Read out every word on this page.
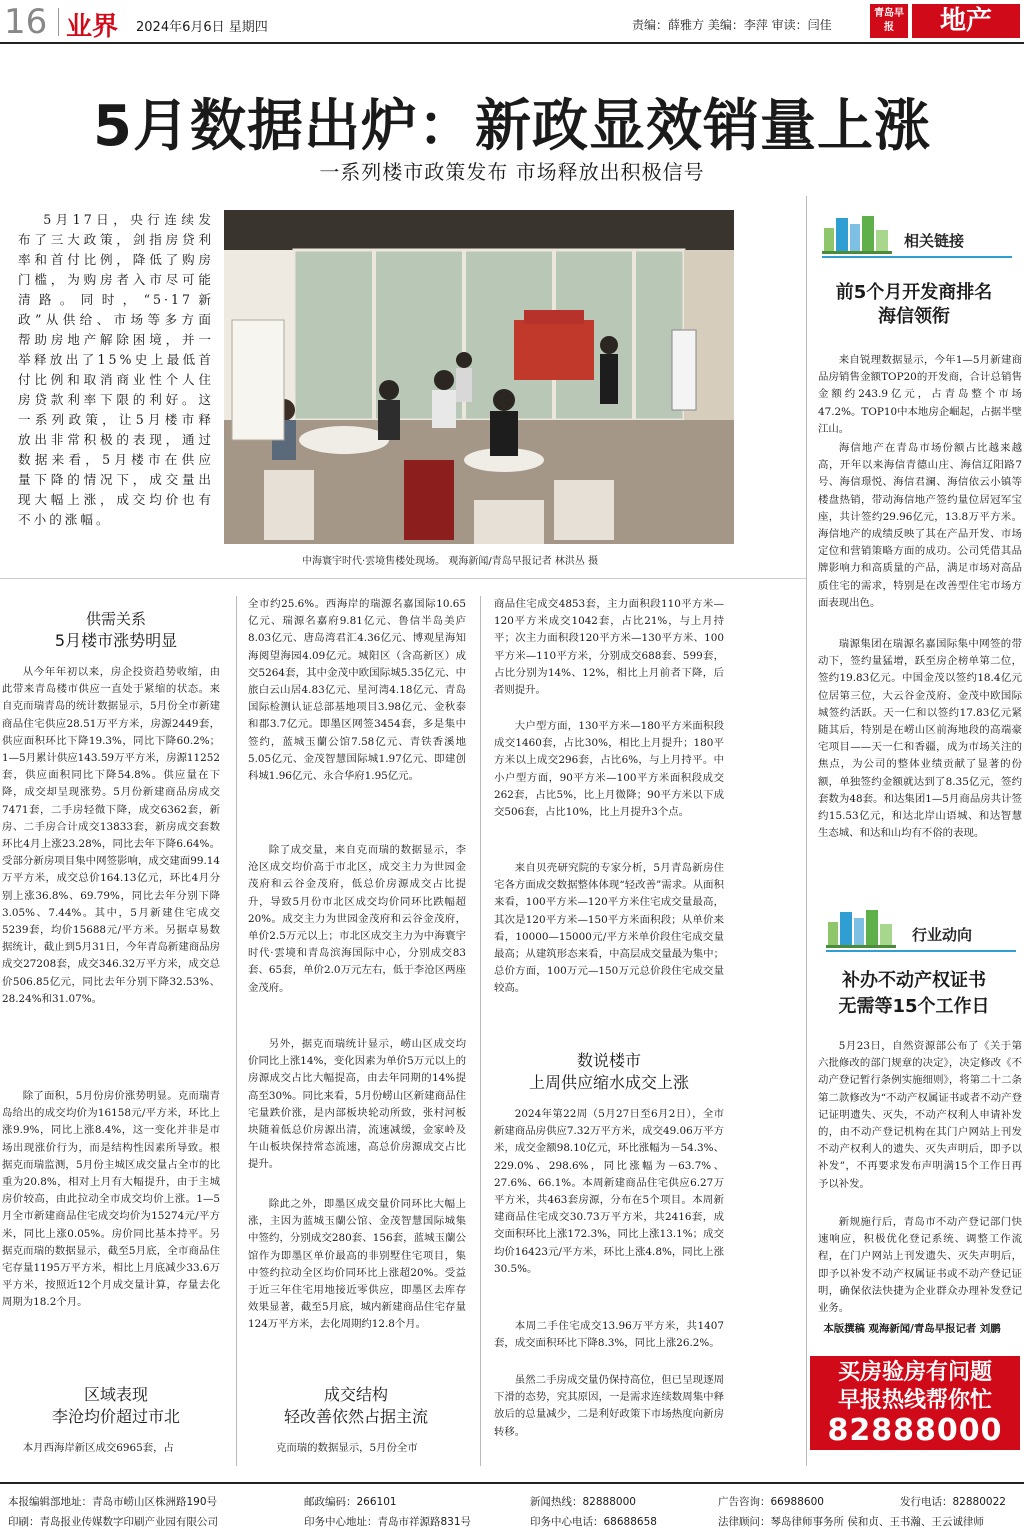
16 业界 2024年6月6日 星期四	责编：薛雅方 美编：李萍 审读：闫佳
青岛早报	地产
5月数据出炉：新政显效销量上涨
一系列楼市政策发布 市场释放出积极信号
5月17日，央行连续发布了三大政策，剑指房贷利率和首付比例，降低了购房门槛，为购房者入市尽可能清路。同时，“5·17新政”从供给、市场等多方面帮助房地产解除困境，并一举释放出了15%史上最低首付比例和取消商业性个人住房贷款利率下限的利好。这一系列政策，让5月楼市释放出非常积极的表现，通过数据来看，5月楼市在供应量下降的情况下，成交量出现大幅上涨，成交均价也有不小的涨幅。
中海寰宇时代·雲境售楼处现场。 观海新闻/青岛早报记者 林洪丛 摄
供需关系
5月楼市涨势明显
从今年年初以来，房企投资趋势收缩，由此带来青岛楼市供应一直处于紧缩的状态。来自克而瑞青岛的统计数据显示，5月份全市新建商品住宅供应28.51万平方米，房源2449套，供应面积环比下降19.3%，同比下降60.2%；1—5月累计供应143.59万平方米，房源11252套，供应面积同比下降54.8%。供应量在下降，成交却呈现涨势。5月份新建商品房成交7471套，二手房轻微下降，成交6362套，新房、二手房合计成交13833套，新房成交套数环比4月上涨23.28%，同比去年下降6.64%。受部分新房项目集中网签影响，成交建面99.14万平方米，成交总价164.13亿元，环比4月分别上涨36.8%、69.79%，同比去年分别下降3.05%、7.44%。其中，5月新建住宅成交5239套，均价15688元/平方米。另据卓易数据统计，截止到5月31日，今年青岛新建商品房成交27208套，成交346.32万平方米，成交总价506.85亿元，同比去年分别下降32.53%、28.24%和31.07%。
除了面积，5月份房价涨势明显。克而瑞青岛给出的成交均价为16158元/平方米，环比上涨9.9%，同比上涨8.4%，这一变化并非是市场出现涨价行为，而是结构性因素所导致。根据克而瑞监测，5月份主城区成交量占全市的比重为20.8%，相对上月有大幅提升，由于主城房价较高，由此拉动全市成交均价上涨。1—5月全市新建商品住宅成交均价为15274元/平方米，同比上涨0.05%。房价同比基本持平。另据克而瑞的数据显示，截至5月底，全市商品住宅存量1195万平方米，相比上月底减少33.6万平方米，按照近12个月成交量计算，存量去化周期为18.2个月。
区域表现
李沧均价超过市北
本月西海岸新区成交6965套，占
全市约25.6%。西海岸的瑞源名嘉国际10.65亿元、瑞源名嘉府9.81亿元、鲁信半岛美庐8.03亿元、唐岛湾君汇4.36亿元、博观星海知海阅望海园4.09亿元。城阳区（含高新区）成交5264套，其中金茂中欧国际城5.35亿元、中旅白云山居4.83亿元、星河湾4.18亿元、青岛国际检测认证总部基地项目3.98亿元、金秋泰和郡3.7亿元。即墨区网签3454套，多是集中签约，蓝城玉蘭公馆7.58亿元、青铁香溪地5.05亿元、金茂智慧国际城1.97亿元、即建创科城1.96亿元、永合华府1.95亿元。
除了成交量，来自克而瑞的数据显示，李沧区成交均价高于市北区，成交主力为世园金茂府和云谷金茂府，低总价房源成交占比提升，导致5月份市北区成交均价同环比跌幅超20%。成交主力为世园金茂府和云谷金茂府，单价2.5万元以上；市北区成交主力为中海寰宇时代·雲境和青岛滨海国际中心，分别成交83套、65套，单价2.0万元左右，低于李沧区两座金茂府。
另外，据克而瑞统计显示，崂山区成交均价同比上涨14%，变化因素为单价5万元以上的房源成交占比大幅提高，由去年同期的14%提高至30%。同比来看，5月份崂山区新建商品住宅量跌价涨，是内部板块轮动所致，张村河板块随着低总价房源出清，流速减缓，金家岭及午山板块保持常态流速，高总价房源成交占比提升。
除此之外，即墨区成交量价同环比大幅上涨，主因为蓝城玉蘭公馆、金茂智慧国际城集中签约，分别成交280套、156套，蓝城玉蘭公馆作为即墨区单价最高的非别墅住宅项目，集中签约拉动全区均价同环比上涨超20%。受益于近三年住宅用地接近零供应，即墨区去库存效果显著，截至5月底，城内新建商品住宅存量124万平方米，去化周期约12.8个月。
成交结构
轻改善依然占据主流
克而瑞的数据显示，5月份全市
商品住宅成交4853套，主力面积段110平方米—120平方米成交1042套，占比21%，与上月持平；次主力面积段120平方米—130平方米、100平方米—110平方米，分别成交688套、599套，占比分别为14%、12%，相比上月前者下降，后者则提升。
大户型方面，130平方米—180平方米面积段成交1460套，占比30%，相比上月提升；180平方米以上成交296套，占比6%，与上月持平。中小户型方面，90平方米—100平方米面积段成交262套，占比5%，比上月微降；90平方米以下成交506套，占比10%，比上月提升3个点。
来自贝壳研究院的专家分析，5月青岛新房住宅各方面成交数据整体体现“轻改善”需求。从面积来看，100平方米—120平方米住宅成交量最高，其次是120平方米—150平方米面积段；从单价来看，10000—15000元/平方米单价段住宅成交量最高；从建筑形态来看，中高层成交量最为集中；总价方面，100万元—150万元总价段住宅成交量较高。
数说楼市
上周供应缩水成交上涨
2024年第22周（5月27日至6月2日），全市新建商品房供应7.32万平方米，成交49.06万平方米，成交金额98.10亿元，环比涨幅为－54.3%、229.0%、298.6%，同比涨幅为－63.7%、27.6%、66.1%。本周新建商品住宅供应6.27万平方米，共463套房源，分布在5个项目。本周新建商品住宅成交30.73万平方米，共2416套，成交面积环比上涨172.3%，同比上涨13.1%；成交均价16423元/平方米，环比上涨4.8%，同比上涨30.5%。
本周二手住宅成交13.96万平方米，共1407套，成交面积环比下降8.3%，同比上涨26.2%。
虽然二手房成交量仍保持高位，但已呈现逐周下滑的态势，究其原因，一是需求连续数周集中释放后的总量减少，二是利好政策下市场热度向新房转移。
相关链接
前5个月开发商排名
海信领衔
来自锐理数据显示，今年1—5月新建商品房销售金额TOP20的开发商，合计总销售金额约243.9亿元，占青岛整个市场47.2%。TOP10中本地房企崛起，占据半壁江山。
海信地产在青岛市场份额占比越来越高，开年以来海信青德山庄、海信辽阳路7号、海信璟悦、海信君澜、海信依云小镇等楼盘热销，带动海信地产签约量位居冠军宝座，共计签约29.96亿元，13.8万平方米。海信地产的成绩反映了其在产品开发、市场定位和营销策略方面的成功。公司凭借其品牌影响力和高质量的产品，满足市场对高品质住宅的需求，特别是在改善型住宅市场方面表现出色。
瑞源集团在瑞源名嘉国际集中网签的带动下，签约量猛增，跃至房企榜单第二位，签约19.83亿元。中国金茂以签约18.4亿元位居第三位，大云谷金茂府、金茂中欧国际城签约活跃。天一仁和以签约17.83亿元紧随其后，特别是在崂山区前海地段的高端豪宅项目——天一仁和香疆，成为市场关注的焦点，为公司的整体业绩贡献了显著的份额，单独签约金额就达到了8.35亿元，签约套数为48套。和达集团1—5月商品房共计签约15.53亿元，和达北岸山语城、和达智慧生态城、和达和山均有不俗的表现。
行业动向
补办不动产权证书
无需等15个工作日
5月23日，自然资源部公布了《关于第六批修改的部门规章的决定》，决定修改《不动产登记暂行条例实施细则》，将第二十二条第二款修改为“不动产权属证书或者不动产登记证明遗失、灭失，不动产权利人申请补发的，由不动产登记机构在其门户网站上刊发不动产权利人的遗失、灭失声明后，即予以补发”，不再要求发布声明满15个工作日再予以补发。
新规施行后，青岛市不动产登记部门快速响应，积极优化登记系统、调整工作流程，在门户网站上刊发遗失、灭失声明后，即予以补发不动产权属证书或不动产登记证明，确保依法快捷为企业群众办理补发登记业务。
本版撰稿 观海新闻/青岛早报记者 刘鹏
买房验房有问题
早报热线帮你忙
82888000
本报编辑部地址：青岛市崂山区株洲路190号	邮政编码：266101	新闻热线：82888000	广告咨询：66988600	发行电话：82880022
印刷：青岛报业传媒数字印刷产业园有限公司	印务中心地址：青岛市祥源路831号	印务中心电话：68688658	法律顾问：琴岛律师事务所 侯和贞、王书瀚、王云诚律师
